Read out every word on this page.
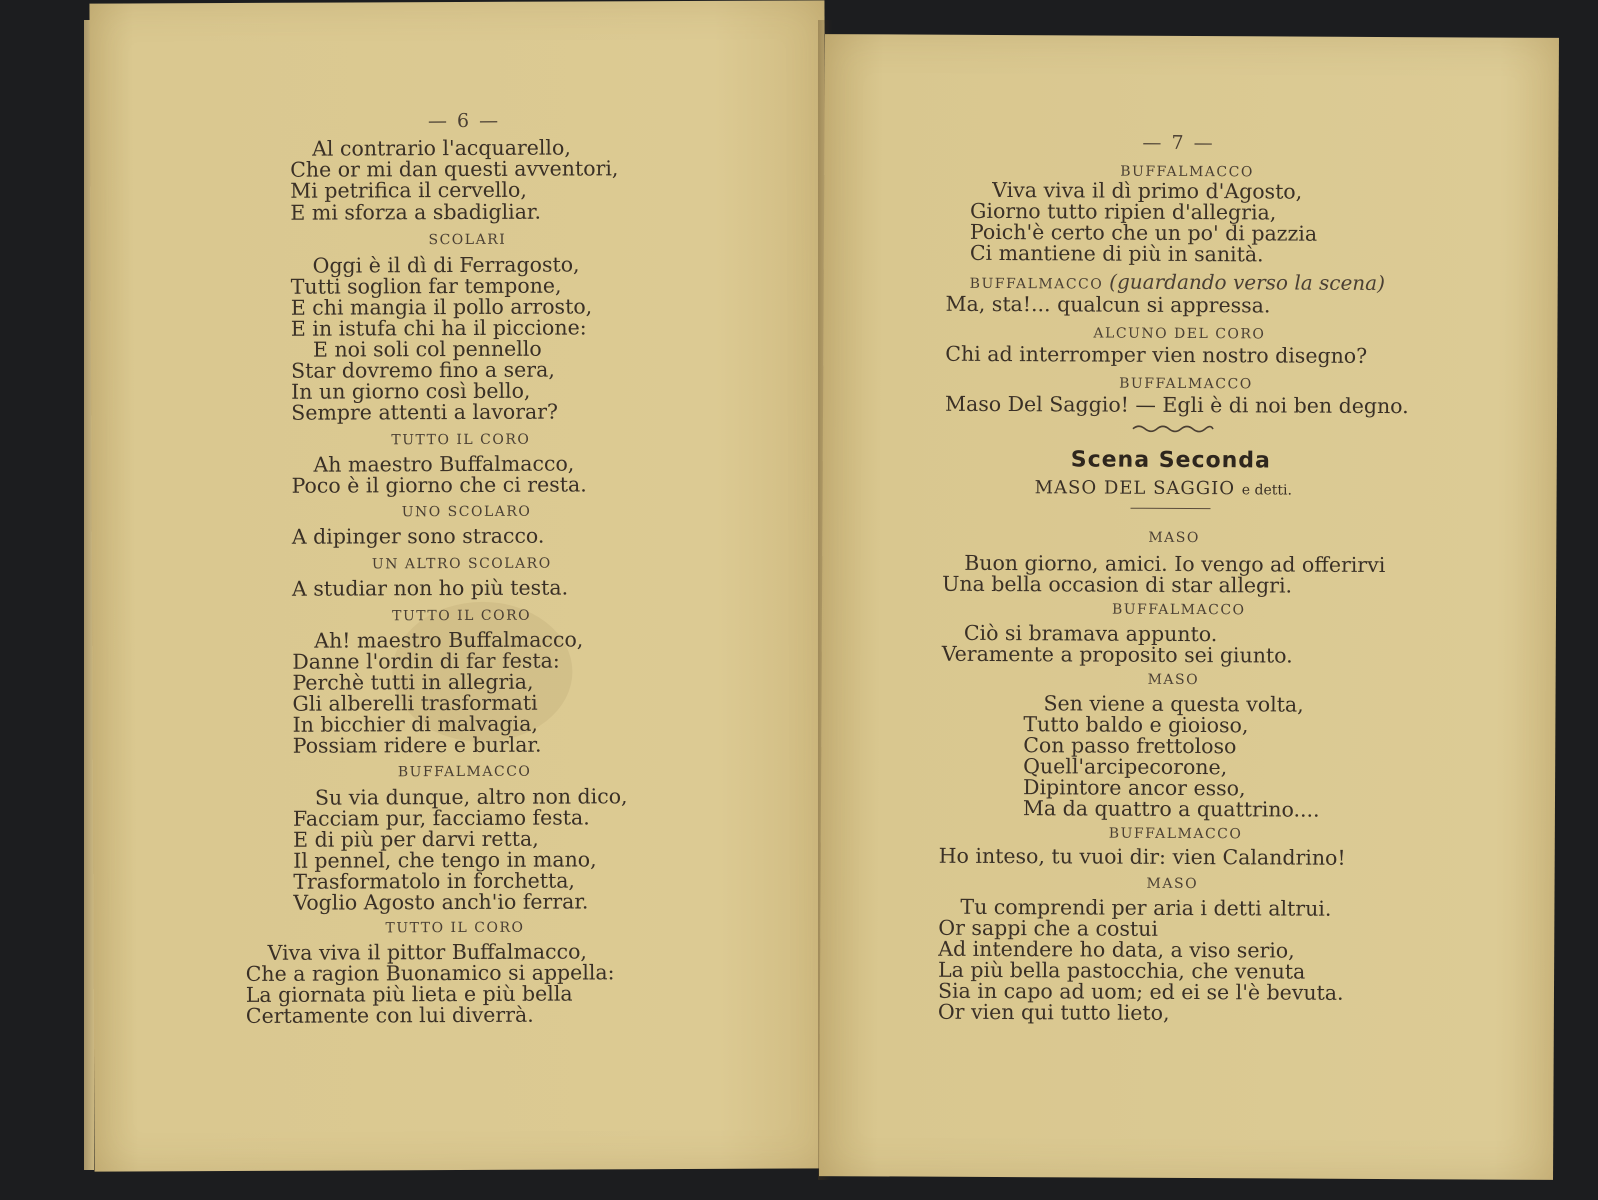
— 6 —
Al contrario l'acquarello,
Che or mi dan questi avventori,
Mi petrifica il cervello,
E mi sforza a sbadigliar.
SCOLARI
Oggi è il dì di Ferragosto,
Tutti soglion far tempone,
E chi mangia il pollo arrosto,
E in istufa chi ha il piccione:
E noi soli col pennello
Star dovremo fino a sera,
In un giorno così bello,
Sempre attenti a lavorar?
TUTTO IL CORO
Ah maestro Buffalmacco,
Poco è il giorno che ci resta.
UNO SCOLARO
A dipinger sono stracco.
UN ALTRO SCOLARO
A studiar non ho più testa.
TUTTO IL CORO
Ah! maestro Buffalmacco,
Danne l'ordin di far festa:
Perchè tutti in allegria,
Gli alberelli trasformati
In bicchier di malvagia,
Possiam ridere e burlar.
BUFFALMACCO
Su via dunque, altro non dico,
Facciam pur, facciamo festa.
E di più per darvi retta,
Il pennel, che tengo in mano,
Trasformatolo in forchetta,
Voglio Agosto anch'io ferrar.
TUTTO IL CORO
Viva viva il pittor Buffalmacco,
Che a ragion Buonamico si appella:
La giornata più lieta e più bella
Certamente con lui diverrà.
— 7 —
BUFFALMACCO
Viva viva il dì primo d'Agosto,
Giorno tutto ripien d'allegria,
Poich'è certo che un po' di pazzia
Ci mantiene di più in sanità.
BUFFALMACCO (guardando verso la scena)
Ma, sta!... qualcun si appressa.
ALCUNO DEL CORO
Chi ad interromper vien nostro disegno?
BUFFALMACCO
Maso Del Saggio! — Egli è di noi ben degno.
Scena Seconda
MASO DEL SAGGIO e detti.
MASO
Buon giorno, amici. Io vengo ad offerirvi
Una bella occasion di star allegri.
BUFFALMACCO
Ciò si bramava appunto.
Veramente a proposito sei giunto.
MASO
Sen viene a questa volta,
Tutto baldo e gioioso,
Con passo frettoloso
Quell'arcipecorone,
Dipintore ancor esso,
Ma da quattro a quattrino....
BUFFALMACCO
Ho inteso, tu vuoi dir: vien Calandrino!
MASO
Tu comprendi per aria i detti altrui.
Or sappi che a costui
Ad intendere ho data, a viso serio,
La più bella pastocchia, che venuta
Sia in capo ad uom; ed ei se l'è bevuta.
Or vien qui tutto lieto,
